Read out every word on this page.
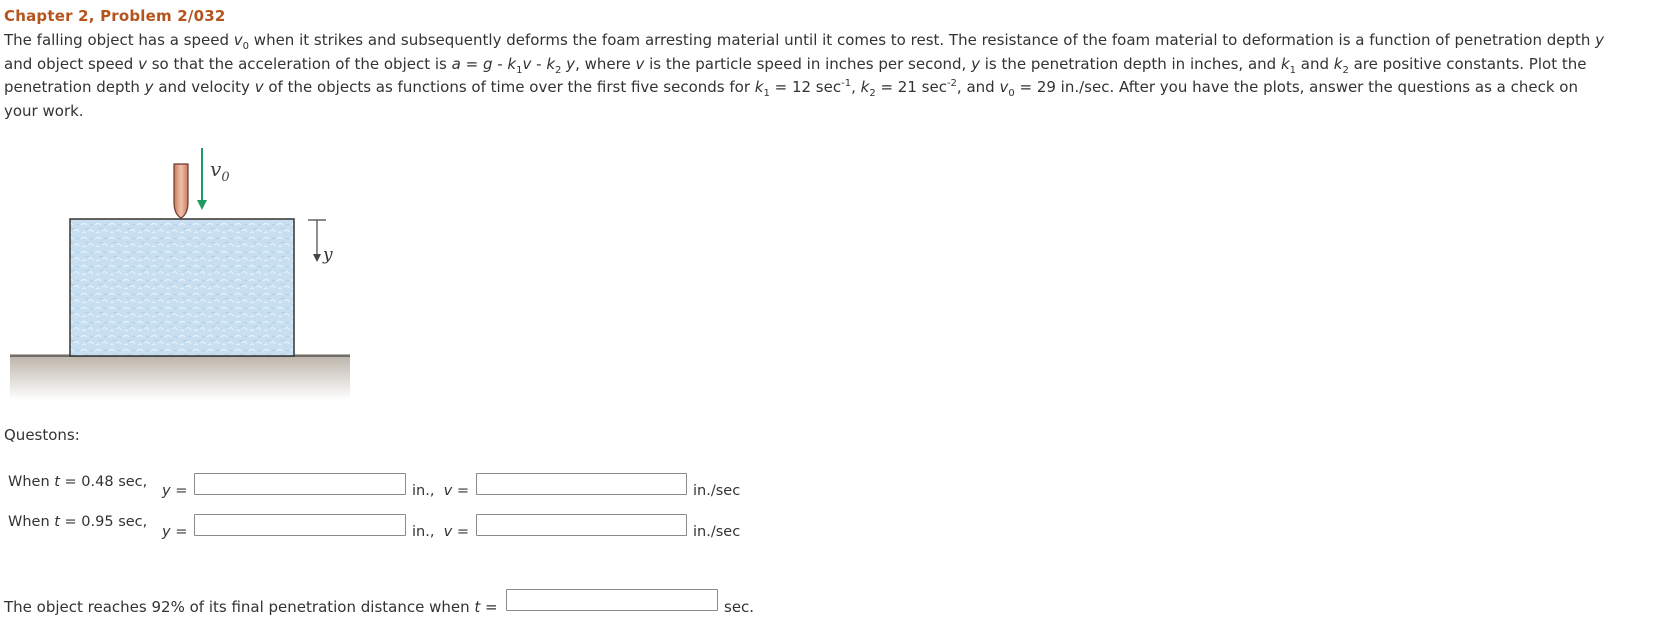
Chapter 2, Problem 2/032
The falling object has a speed $v_0$ when it strikes and subsequently deforms the foam arresting material until it comes to rest. The resistance of the foam material to deformation is a function of penetration depth y
and object speed v so that the acceleration of the object is $a = g - k_1v - k_2$ y, where v is the particle speed in inches per second, y is the penetration depth in inches, and $k_1$ and $k_2$ are positive constants. Plot the
penetration depth y and velocity v of the objects as functions of time over the first five seconds for $k_1 = 12$ $\sec^{-1}$, $k_2 = 21$ $\sec^{-2}$, and $v_0 = 29$ in./sec. After you have the plots, answer the questions as a check on
your work.
$v_0$
y
Questons:
When t = 0.48 sec,
y =	in., v =	in./sec
When t = 0.95 sec,
y =	in., v =	in./sec
The object reaches 92% of its final penetration distance when t =	sec.
